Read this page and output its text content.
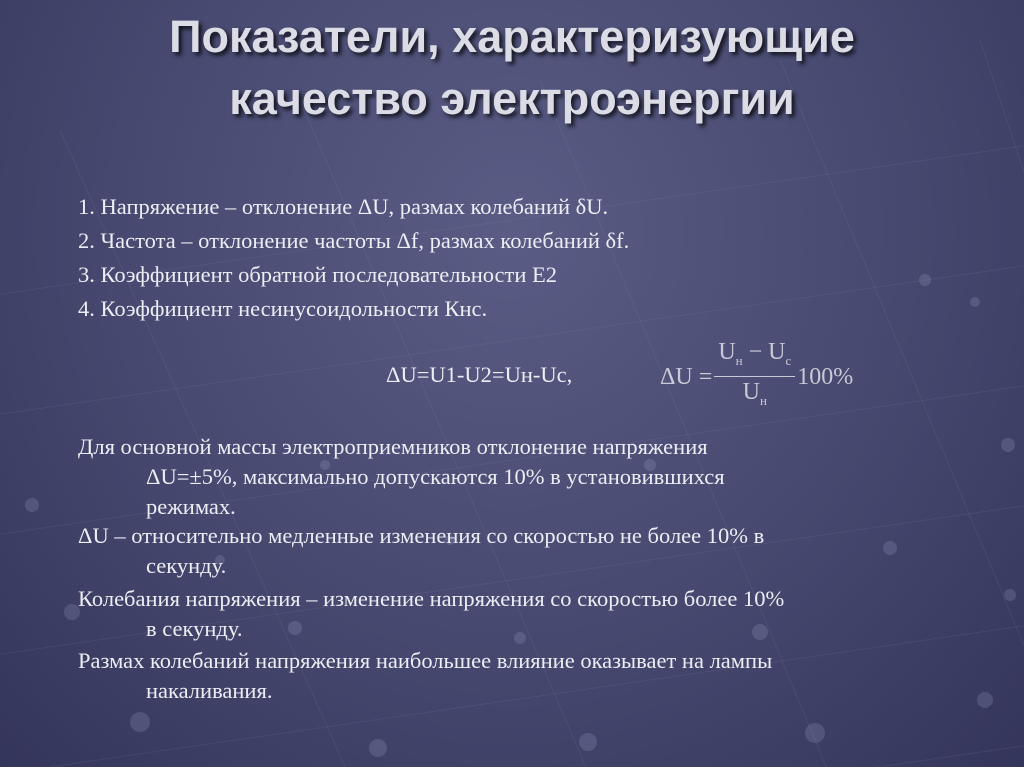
Показатели, характеризующие
качество электроэнергии
1. Напряжение – отклонение ΔU, размах колебаний δU.
2. Частота – отклонение частоты Δf, размах колебаний δf.
3. Коэффициент обратной последовательности Е2
4. Коэффициент несинусоидольности Кнс.
ΔU=U1-U2=Uн-Uc,	$\Delta U = \frac{U_н - U_с}{U_н} 100\%$
Для основной массы электроприемников отклонение напряжения
ΔU=±5%, максимально допускаются 10% в установившихся
режимах.
ΔU – относительно медленные изменения со скоростью не более 10% в
секунду.
Колебания напряжения – изменение напряжения со скоростью более 10%
в секунду.
Размах колебаний напряжения наибольшее влияние оказывает на лампы
накаливания.
